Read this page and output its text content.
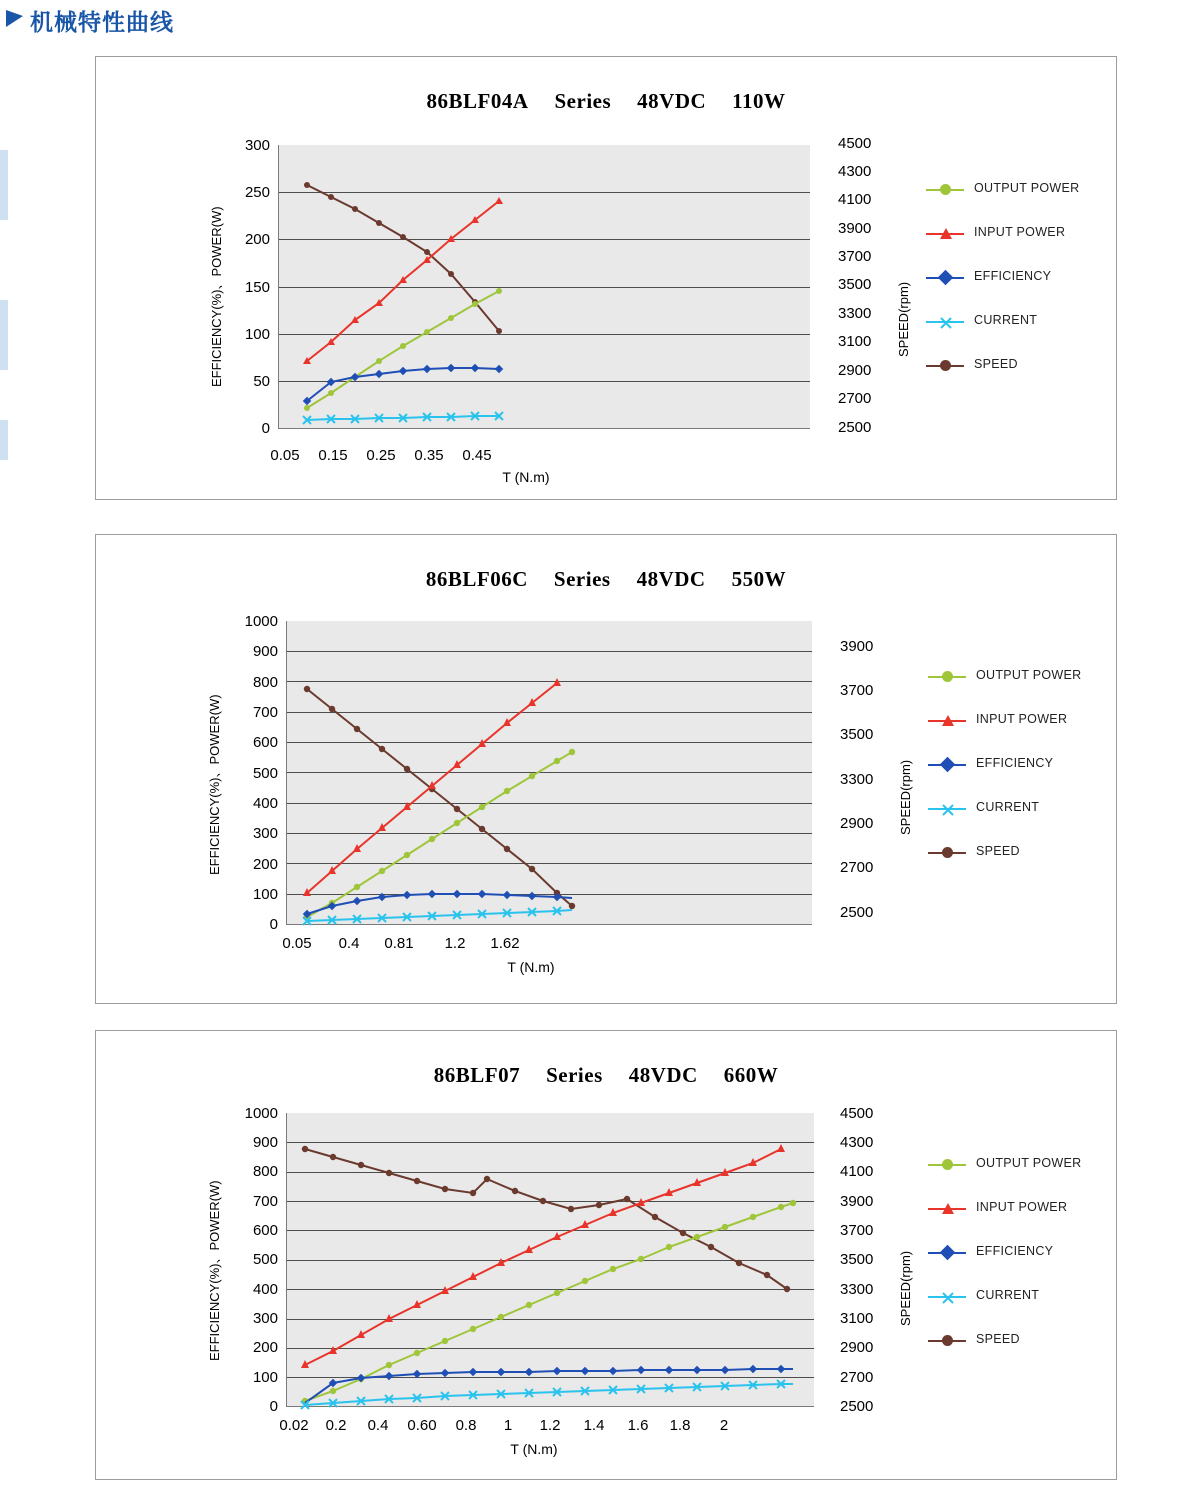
机械特性曲线
86BLF04A Series 48VDC 110W
300
250
200
150
100
50
0
4500
4300
4100
3900
3700
3500
3300
3100
2900
2700
2500
0.05	0.15	0.25	0.35	0.45
EFFICIENCY(%)、POWER(W)	SPEED(rpm)
T (N.m)
OUTPUT POWER
INPUT POWER
EFFICIENCY
CURRENT
SPEED
86BLF06C Series 48VDC 550W
1000
900
800
700
600
500
400
300
200
100
0
3900
3700
3500
3300
2900
2700
2500
0.05	0.4	0.81	1.2	1.62
EFFICIENCY(%)、POWER(W)	SPEED(rpm)
T (N.m)
OUTPUT POWER
INPUT POWER
EFFICIENCY
CURRENT
SPEED
86BLF07 Series 48VDC 660W
1000
900
800
700
600
500
400
300
200
100
0
4500
4300
4100
3900
3700
3500
3300
3100
2900
2700
2500
0.02	0.2	0.4	0.60	0.8	1	1.2	1.4	1.6	1.8	2
EFFICIENCY(%)、POWER(W)	SPEED(rpm)
T (N.m)
OUTPUT POWER
INPUT POWER
EFFICIENCY
CURRENT
SPEED
